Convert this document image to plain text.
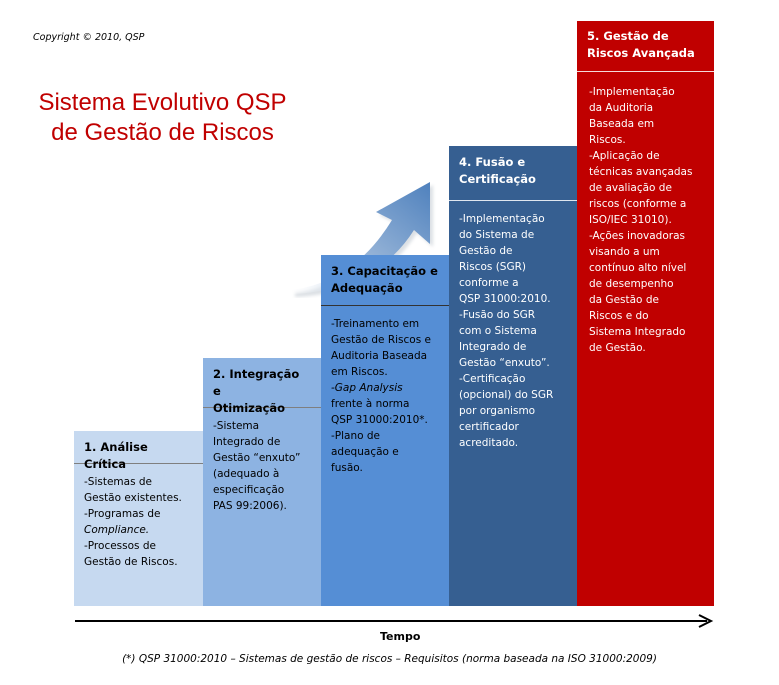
Copyright © 2010, QSP
Sistema Evolutivo QSP
de Gestão de Riscos
1. Análise Crítica
-Sistemas de
Gestão existentes.
-Programas de
Compliance.
-Processos de
Gestão de Riscos.
2. Integração e
Otimização
-Sistema
Integrado de
Gestão “enxuto”
(adequado à
especificação
PAS 99:2006).
3. Capacitação e
Adequação
-Treinamento em
Gestão de Riscos e
Auditoria Baseada
em Riscos.
-Gap Analysis
frente à norma
QSP 31000:2010*.
-Plano de
adequação e
fusão.
4. Fusão e
Certificação
-Implementação
do Sistema de
Gestão de
Riscos (SGR)
conforme a
QSP 31000:2010.
-Fusão do SGR
com o Sistema
Integrado de
Gestão “enxuto”.
-Certificação
(opcional) do SGR
por organismo
certificador
acreditado.
5. Gestão de
Riscos Avançada
-Implementação
da Auditoria
Baseada em
Riscos.
-Aplicação de
técnicas avançadas
de avaliação de
riscos (conforme a
ISO/IEC 31010).
-Ações inovadoras
visando a um
contínuo alto nível
de desempenho
da Gestão de
Riscos e do
Sistema Integrado
de Gestão.
Tempo
(*) QSP 31000:2010 – Sistemas de gestão de riscos – Requisitos (norma baseada na ISO 31000:2009)
